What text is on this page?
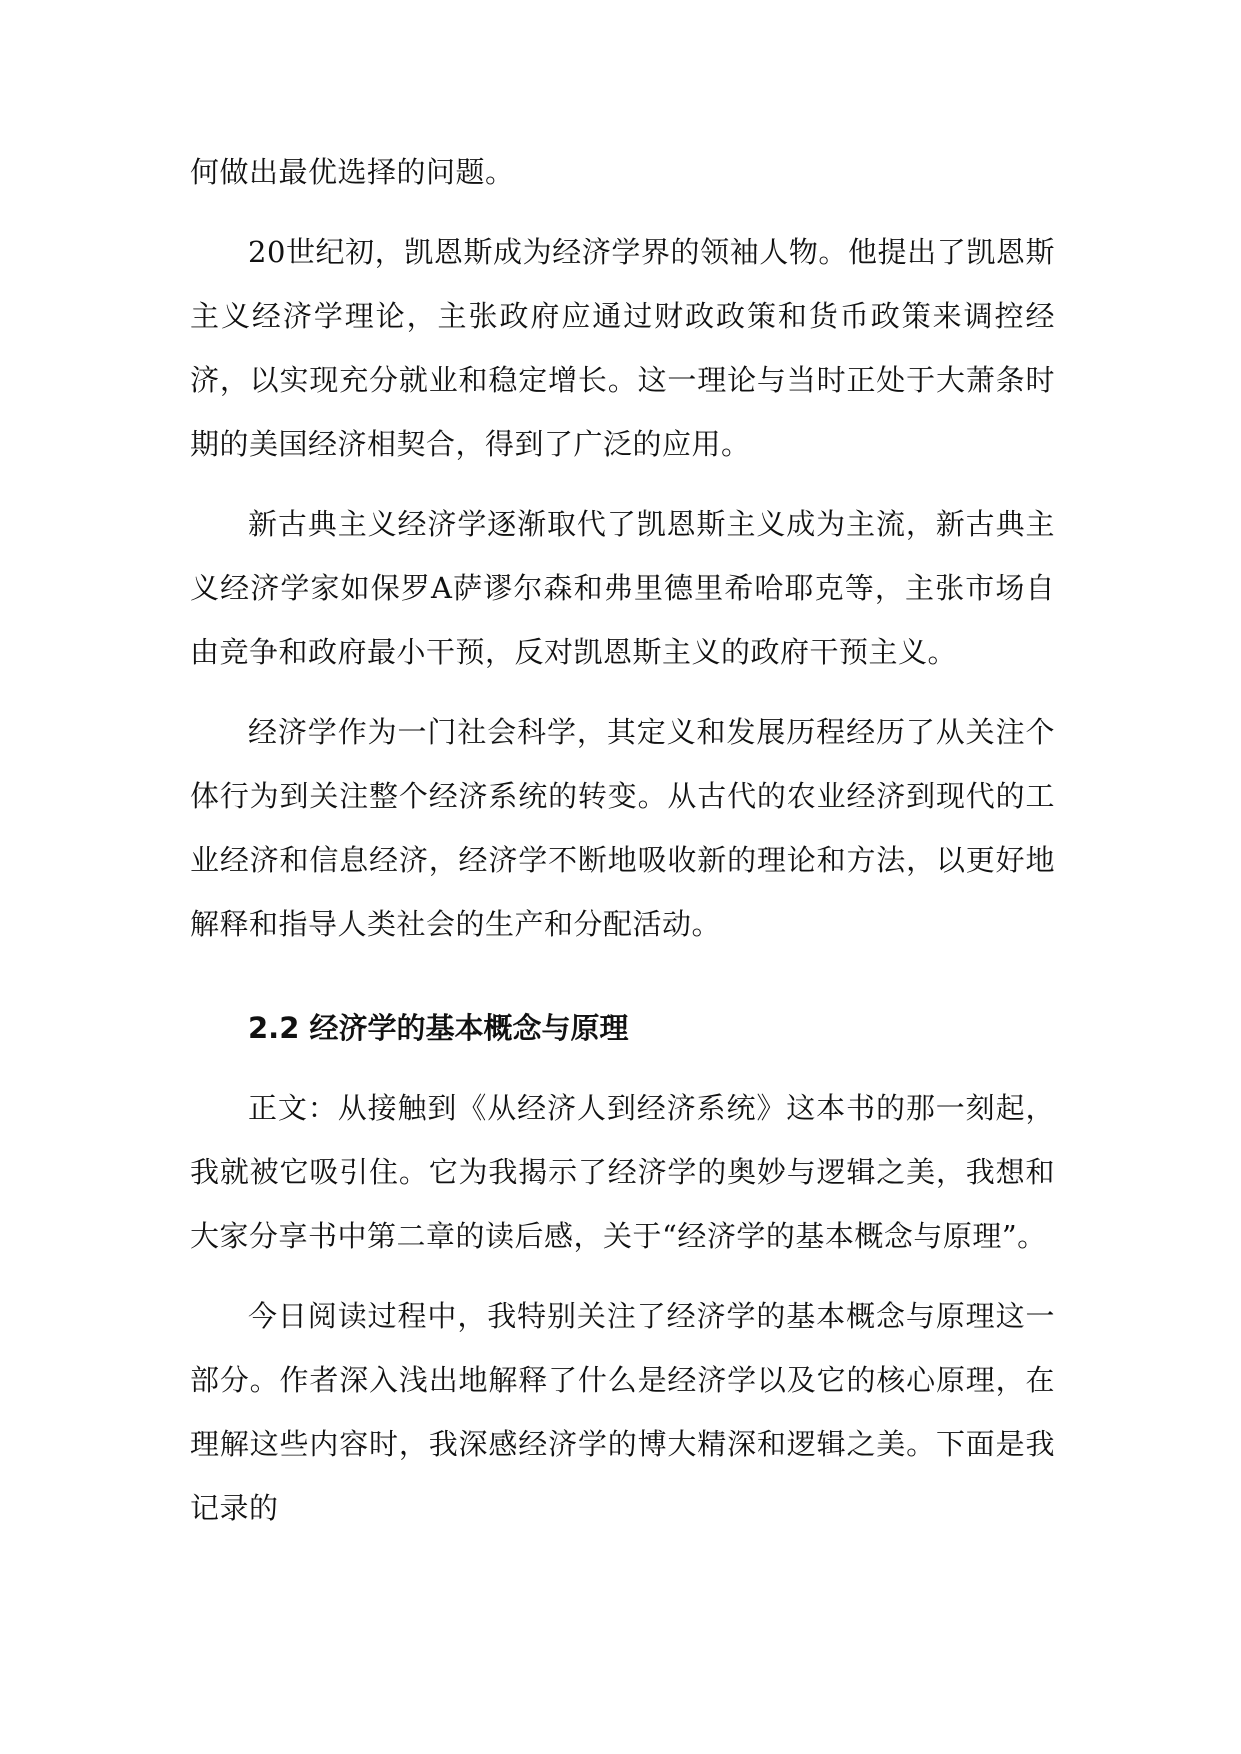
何做出最优选择的问题。

20世纪初，凯恩斯成为经济学界的领袖人物。他提出了凯恩斯主义经济学理论，主张政府应通过财政政策和货币政策来调控经济，以实现充分就业和稳定增长。这一理论与当时正处于大萧条时期的美国经济相契合，得到了广泛的应用。

新古典主义经济学逐渐取代了凯恩斯主义成为主流，新古典主义经济学家如保罗A萨谬尔森和弗里德里希哈耶克等，主张市场自由竞争和政府最小干预，反对凯恩斯主义的政府干预主义。

经济学作为一门社会科学，其定义和发展历程经历了从关注个体行为到关注整个经济系统的转变。从古代的农业经济到现代的工业经济和信息经济，经济学不断地吸收新的理论和方法，以更好地解释和指导人类社会的生产和分配活动。

2.2 经济学的基本概念与原理

正文：从接触到《从经济人到经济系统》这本书的那一刻起，我就被它吸引住。它为我揭示了经济学的奥妙与逻辑之美，我想和大家分享书中第二章的读后感，关于“经济学的基本概念与原理”。

今日阅读过程中，我特别关注了经济学的基本概念与原理这一部分。作者深入浅出地解释了什么是经济学以及它的核心原理，在理解这些内容时，我深感经济学的博大精深和逻辑之美。下面是我记录的
